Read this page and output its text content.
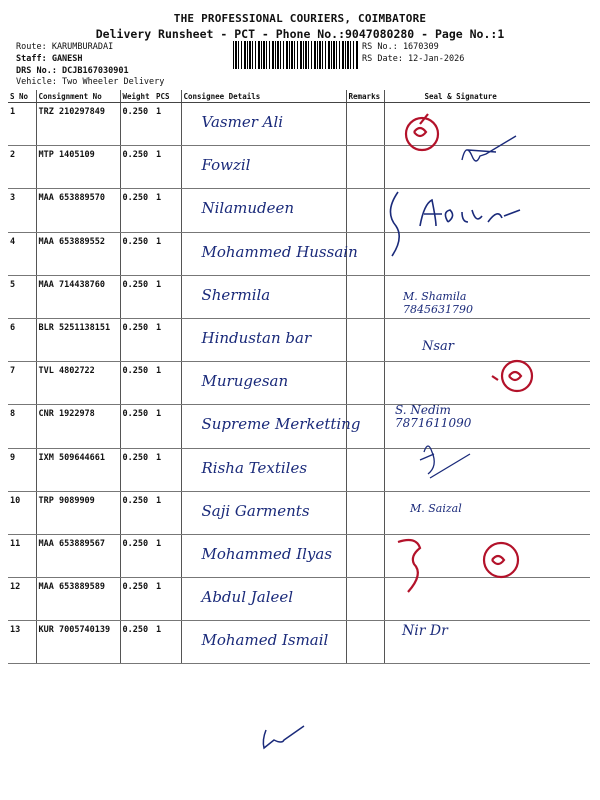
THE PROFESSIONAL COURIERS, COIMBATORE
Delivery Runsheet - PCT - Phone No.:9047080280 - Page No.:1
Route: KARUMBURADAI
Staff: GANESH
DRS No.: DCJB167030901
Vehicle: Two Wheeler Delivery
RS No.: 1670309
RS Date: 12-Jan-2026
S No	Consignment No	Weight	PCS	Consignee Details	Remarks	Seal & Signature
1	TRZ 210297849	0.250	1	Vasmer Ali		

2	MTP 1405109	0.250	1	Fowzil		

3	MAA 653889570	0.250	1	Nilamudeen		

4	MAA 653889552	0.250	1	Mohammed Hussain		

5	MAA 714438760	0.250	1	Shermila		

6	BLR 5251138151	0.250	1	Hindustan bar		

7	TVL 4802722	0.250	1	Murugesan		

8	CNR 1922978	0.250	1	Supreme Merketting		

9	IXM 509644661	0.250	1	Risha Textiles		

10	TRP 9089909	0.250	1	Saji Garments		

11	MAA 653889567	0.250	1	Mohammed Ilyas		

12	MAA 653889589	0.250	1	Abdul Jaleel		

13	KUR 7005740139	0.250	1	Mohamed Ismail		

M. Shamila 7845631790
S. Nedim 7871611090
Nsar
M. Saizal
Nir Dr
